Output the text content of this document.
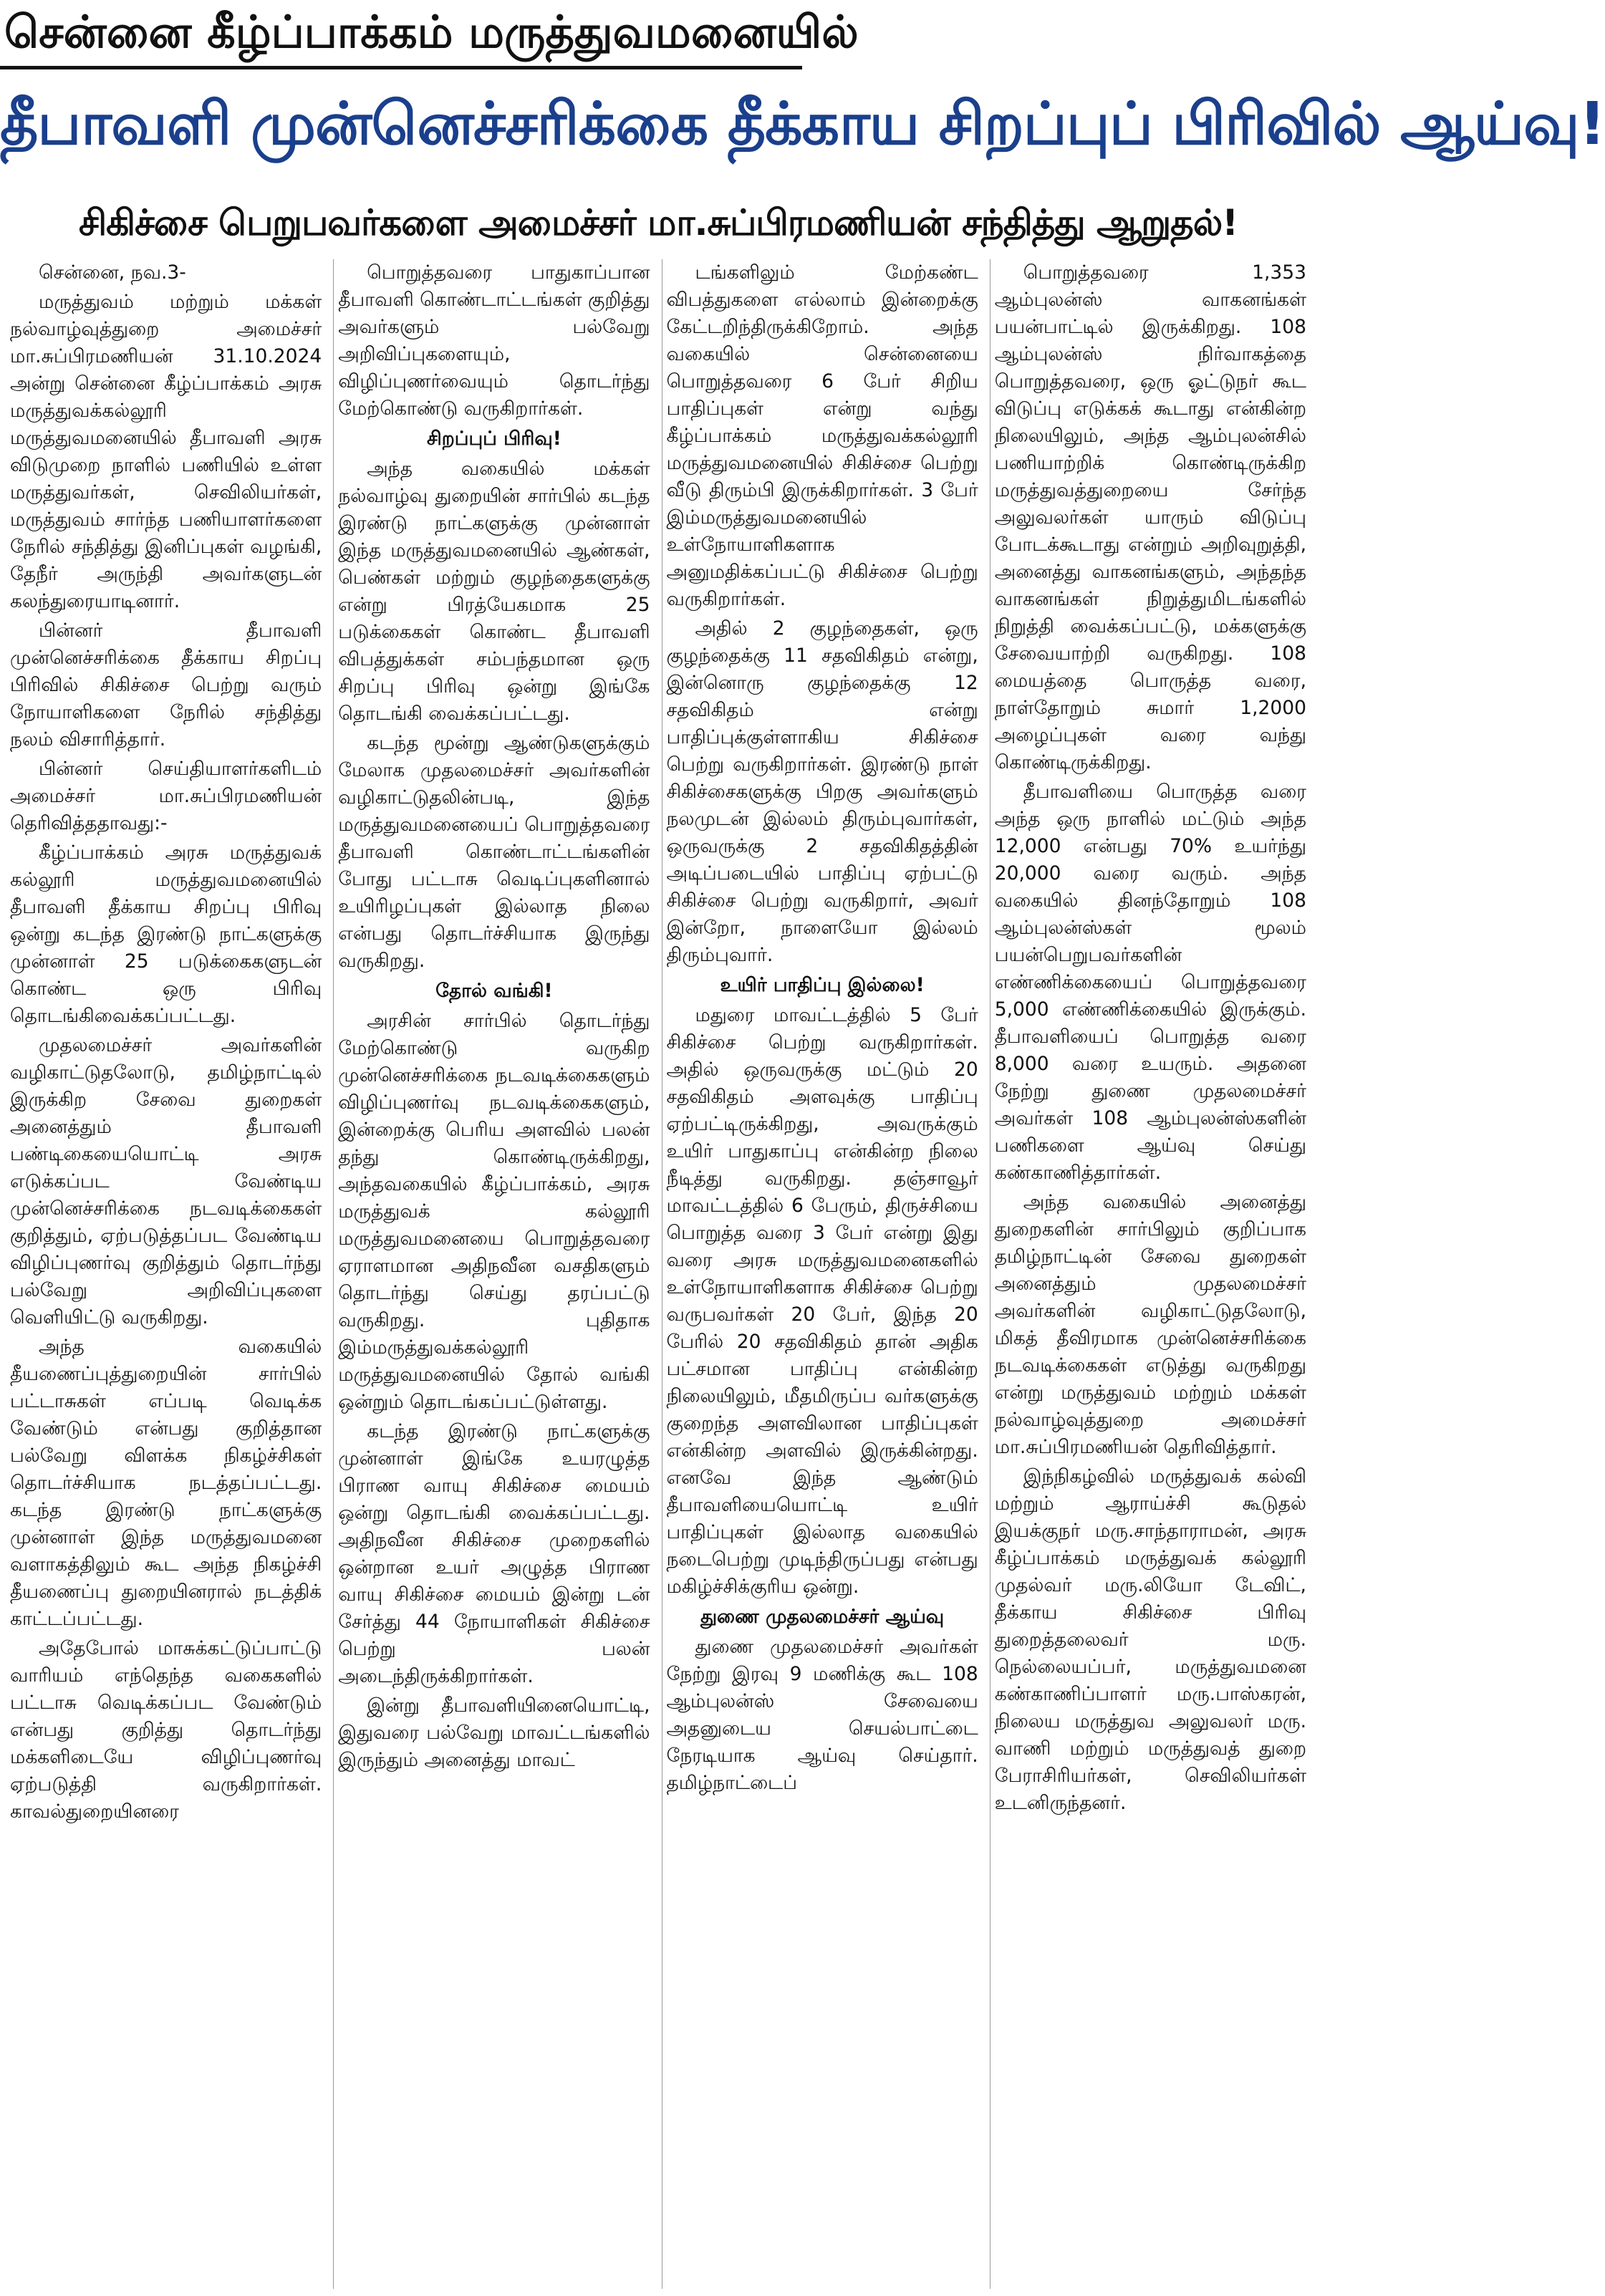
சென்னை கீழ்ப்பாக்கம் மருத்துவமனையில்
தீபாவளி முன்னெச்சரிக்கை தீக்காய சிறப்புப் பிரிவில் ஆய்வு!
சிகிச்சை பெறுபவர்களை அமைச்சர் மா.சுப்பிரமணியன் சந்தித்து ஆறுதல்!

சென்னை, நவ.3-

மருத்துவம் மற்றும் மக்கள் நல்வாழ்வுத்துறை அமைச்சர் மா.சுப்பிரமணியன் 31.10.2024 அன்று சென்னை கீழ்ப்பாக்கம் அரசு மருத்துவக்கல்லூரி மருத்துவமனையில் தீபாவளி அரசு விடுமுறை நாளில் பணியில் உள்ள மருத்துவர்கள், செவிலியர்கள், மருத்துவம் சார்ந்த பணியாளர்களை நேரில் சந்தித்து இனிப்புகள் வழங்கி, தேநீர் அருந்தி அவர்களுடன் கலந்துரையாடினார்.

பின்னர் தீபாவளி முன்னெச்சரிக்கை தீக்காய சிறப்பு பிரிவில் சிகிச்சை பெற்று வரும் நோயாளிகளை நேரில் சந்தித்து நலம் விசாரித்தார்.

பின்னர் செய்தியாளர்களிடம் அமைச்சர் மா.சுப்பிரமணியன் தெரிவித்ததாவது:-

கீழ்ப்பாக்கம் அரசு மருத்துவக் கல்லூரி மருத்துவமனையில் தீபாவளி தீக்காய சிறப்பு பிரிவு ஒன்று கடந்த இரண்டு நாட்களுக்கு முன்னாள் 25 படுக்கைகளுடன் கொண்ட ஒரு பிரிவு தொடங்கிவைக்கப்பட்டது.

முதலமைச்சர் அவர்களின் வழிகாட்டுதலோடு, தமிழ்நாட்டில் இருக்கிற சேவை துறைகள் அனைத்தும் தீபாவளி பண்டிகையையொட்டி அரசு எடுக்கப்பட வேண்டிய முன்னெச்சரிக்கை நடவடிக்கைகள் குறித்தும், ஏற்படுத்தப்பட வேண்டிய விழிப்புணர்வு குறித்தும் தொடர்ந்து பல்வேறு அறிவிப்புகளை வெளியிட்டு வருகிறது.

அந்த வகையில் தீயணைப்புத்துறையின் சார்பில் பட்டாசுகள் எப்படி வெடிக்க வேண்டும் என்பது குறித்தான பல்வேறு விளக்க நிகழ்ச்சிகள் தொடர்ச்சியாக நடத்தப்பட்டது. கடந்த இரண்டு நாட்களுக்கு முன்னாள் இந்த மருத்துவமனை வளாகத்திலும் கூட அந்த நிகழ்ச்சி தீயணைப்பு துறையினரால் நடத்திக் காட்டப்பட்டது.

அதேபோல் மாசுக்கட்டுப்பாட்டு வாரியம் எந்தெந்த வகைகளில் பட்டாசு வெடிக்கப்பட வேண்டும் என்பது குறித்து தொடர்ந்து மக்களிடையே விழிப்புணர்வு ஏற்படுத்தி வருகிறார்கள். காவல்துறையினரை

பொறுத்தவரை பாதுகாப்பான தீபாவளி கொண்டாட்டங்கள் குறித்து அவர்களும் பல்வேறு அறிவிப்புகளையும், விழிப்புணர்வையும் தொடர்ந்து மேற்கொண்டு வருகிறார்கள்.

சிறப்புப் பிரிவு!

அந்த வகையில் மக்கள் நல்வாழ்வு துறையின் சார்பில் கடந்த இரண்டு நாட்களுக்கு முன்னாள் இந்த மருத்துவமனையில் ஆண்கள், பெண்கள் மற்றும் குழந்தைகளுக்கு என்று பிரத்யேகமாக 25 படுக்கைகள் கொண்ட தீபாவளி விபத்துக்கள் சம்பந்தமான ஒரு சிறப்பு பிரிவு ஒன்று இங்கே தொடங்கி வைக்கப்பட்டது.

கடந்த மூன்று ஆண்டுகளுக்கும் மேலாக முதலமைச்சர் அவர்களின் வழிகாட்டுதலின்படி, இந்த மருத்துவமனையைப் பொறுத்தவரை தீபாவளி கொண்டாட்டங்களின் போது பட்டாசு வெடிப்புகளினால் உயிரிழப்புகள் இல்லாத நிலை என்பது தொடர்ச்சியாக இருந்து வருகிறது.

தோல் வங்கி!

அரசின் சார்பில் தொடர்ந்து மேற்கொண்டு வருகிற முன்னெச்சரிக்கை நடவடிக்கைகளும் விழிப்புணர்வு நடவடிக்கைகளும், இன்றைக்கு பெரிய அளவில் பலன் தந்து கொண்டிருக்கிறது, அந்தவகையில் கீழ்ப்பாக்கம், அரசு மருத்துவக் கல்லூரி மருத்துவமனையை பொறுத்தவரை ஏராளமான அதிநவீன வசதிகளும் தொடர்ந்து செய்து தரப்பட்டு வருகிறது. புதிதாக இம்மருத்துவக்கல்லூரி மருத்துவமனையில் தோல் வங்கி ஒன்றும் தொடங்கப்பட்டுள்ளது.

கடந்த இரண்டு நாட்களுக்கு முன்னாள் இங்கே உயரழுத்த பிராண வாயு சிகிச்சை மையம் ஒன்று தொடங்கி வைக்கப்பட்டது. அதிநவீன சிகிச்சை முறைகளில் ஒன்றான உயர் அழுத்த பிராண வாயு சிகிச்சை மையம் இன்று டன் சேர்த்து 44 நோயாளிகள் சிகிச்சை பெற்று பலன் அடைந்திருக்கிறார்கள்.

இன்று தீபாவளியினையொட்டி, இதுவரை பல்வேறு மாவட்டங்களில் இருந்தும் அனைத்து மாவட்

டங்களிலும் மேற்கண்ட விபத்துகளை எல்லாம் இன்றைக்கு கேட்டறிந்திருக்கிறோம். அந்த வகையில் சென்னையை பொறுத்தவரை 6 பேர் சிறிய பாதிப்புகள் என்று வந்து கீழ்ப்பாக்கம் மருத்துவக்கல்லூரி மருத்துவமனையில் சிகிச்சை பெற்று வீடு திரும்பி இருக்கிறார்கள். 3 பேர் இம்மருத்துவமனையில் உள்நோயாளிகளாக அனுமதிக்கப்பட்டு சிகிச்சை பெற்று வருகிறார்கள்.

அதில் 2 குழந்தைகள், ஒரு குழந்தைக்கு 11 சதவிகிதம் என்று, இன்னொரு குழந்தைக்கு 12 சதவிகிதம் என்று பாதிப்புக்குள்ளாகிய சிகிச்சை பெற்று வருகிறார்கள். இரண்டு நாள் சிகிச்சைகளுக்கு பிறகு அவர்களும் நலமுடன் இல்லம் திரும்புவார்கள், ஒருவருக்கு 2 சதவிகிதத்தின் அடிப்படையில் பாதிப்பு ஏற்பட்டு சிகிச்சை பெற்று வருகிறார், அவர் இன்றோ, நாளையோ இல்லம் திரும்புவார்.

உயிர் பாதிப்பு இல்லை!

மதுரை மாவட்டத்தில் 5 பேர் சிகிச்சை பெற்று வருகிறார்கள். அதில் ஒருவருக்கு மட்டும் 20 சதவிகிதம் அளவுக்கு பாதிப்பு ஏற்பட்டிருக்கிறது, அவருக்கும் உயிர் பாதுகாப்பு என்கின்ற நிலை நீடித்து வருகிறது. தஞ்சாவூர் மாவட்டத்தில் 6 பேரும், திருச்சியை பொறுத்த வரை 3 பேர் என்று இது வரை அரசு மருத்துவமனைகளில் உள்நோயாளிகளாக சிகிச்சை பெற்று வருபவர்கள் 20 பேர், இந்த 20 பேரில் 20 சதவிகிதம் தான் அதிக பட்சமான பாதிப்பு என்கின்ற நிலையிலும், மீதமிருப்ப வர்களுக்கு குறைந்த அளவிலான பாதிப்புகள் என்கின்ற அளவில் இருக்கின்றது. எனவே இந்த ஆண்டும் தீபாவளியையொட்டி உயிர் பாதிப்புகள் இல்லாத வகையில் நடைபெற்று முடிந்திருப்பது என்பது மகிழ்ச்சிக்குரிய ஒன்று.

துணை முதலமைச்சர் ஆய்வு

துணை முதலமைச்சர் அவர்கள் நேற்று இரவு 9 மணிக்கு கூட 108 ஆம்புலன்ஸ் சேவையை அதனுடைய செயல்பாட்டை நேரடியாக ஆய்வு செய்தார். தமிழ்நாட்டைப்

பொறுத்தவரை 1,353 ஆம்புலன்ஸ் வாகனங்கள் பயன்பாட்டில் இருக்கிறது. 108 ஆம்புலன்ஸ் நிர்வாகத்தை பொறுத்தவரை, ஒரு ஓட்டுநர் கூட விடுப்பு எடுக்கக் கூடாது என்கின்ற நிலையிலும், அந்த ஆம்புலன்சில் பணியாற்றிக் கொண்டிருக்கிற மருத்துவத்துறையை சேர்ந்த அலுவலர்கள் யாரும் விடுப்பு போடக்கூடாது என்றும் அறிவுறுத்தி, அனைத்து வாகனங்களும், அந்தந்த வாகனங்கள் நிறுத்துமிடங்களில் நிறுத்தி வைக்கப்பட்டு, மக்களுக்கு சேவையாற்றி வருகிறது. 108 மையத்தை பொருத்த வரை, நாள்தோறும் சுமார் 1,2000 அழைப்புகள் வரை வந்து கொண்டிருக்கிறது.

தீபாவளியை பொருத்த வரை அந்த ஒரு நாளில் மட்டும் அந்த 12,000 என்பது 70% உயர்ந்து 20,000 வரை வரும். அந்த வகையில் தினந்தோறும் 108 ஆம்புலன்ஸ்கள் மூலம் பயன்பெறுபவர்களின் எண்ணிக்கையைப் பொறுத்தவரை 5,000 எண்ணிக்கையில் இருக்கும். தீபாவளியைப் பொறுத்த வரை 8,000 வரை உயரும். அதனை நேற்று துணை முதலமைச்சர் அவர்கள் 108 ஆம்புலன்ஸ்களின் பணிகளை ஆய்வு செய்து கண்காணித்தார்கள்.

அந்த வகையில் அனைத்து துறைகளின் சார்பிலும் குறிப்பாக தமிழ்நாட்டின் சேவை துறைகள் அனைத்தும் முதலமைச்சர் அவர்களின் வழிகாட்டுதலோடு, மிகத் தீவிரமாக முன்னெச்சரிக்கை நடவடிக்கைகள் எடுத்து வருகிறது என்று மருத்துவம் மற்றும் மக்கள் நல்வாழ்வுத்துறை அமைச்சர் மா.சுப்பிரமணியன் தெரிவித்தார்.

இந்நிகழ்வில் மருத்துவக் கல்வி மற்றும் ஆராய்ச்சி கூடுதல் இயக்குநர் மரு.சாந்தாராமன், அரசு கீழ்ப்பாக்கம் மருத்துவக் கல்லூரி முதல்வர் மரு.லியோ டேவிட், தீக்காய சிகிச்சை பிரிவு துறைத்தலைவர் மரு. நெல்லையப்பர், மருத்துவமனை கண்காணிப்பாளர் மரு.பாஸ்கரன், நிலைய மருத்துவ அலுவலர் மரு. வாணி மற்றும் மருத்துவத் துறை பேராசிரியர்கள், செவிலியர்கள் உடனிருந்தனர்.
